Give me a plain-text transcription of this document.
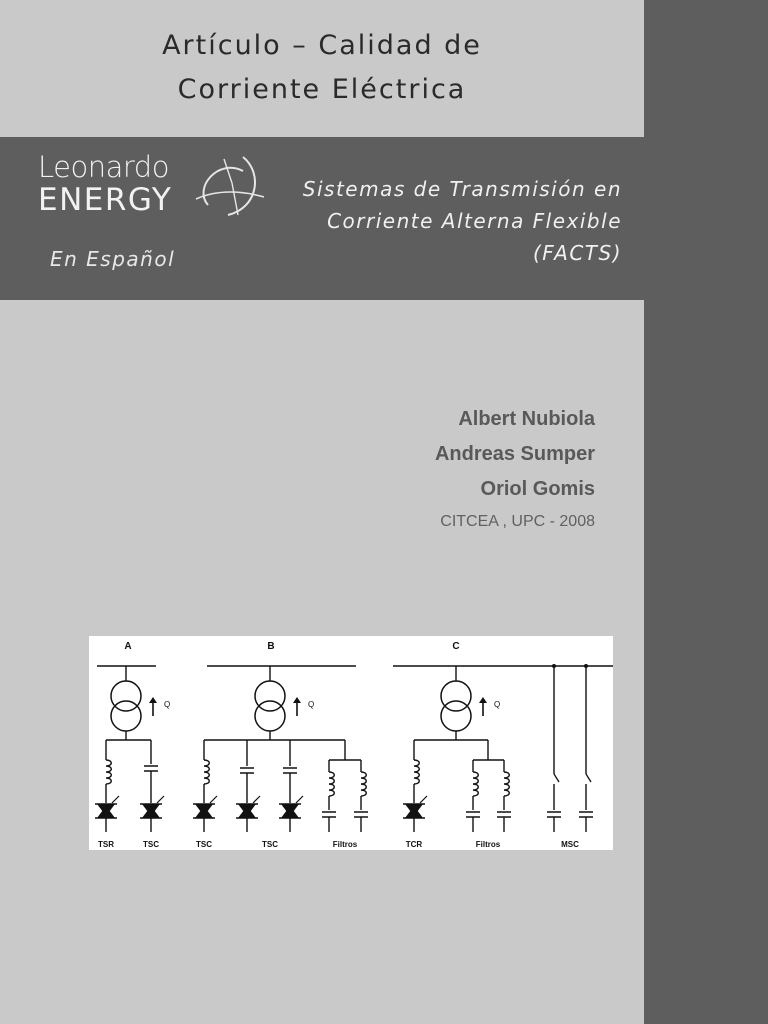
Artículo – Calidad de
Corriente Eléctrica
Leonardo
ENERGY
En Español
Sistemas de Transmisión en
Corriente Alterna Flexible
(FACTS)
Albert Nubiola
Andreas Sumper
Oriol Gomis
CITCEA , UPC - 2008
A	B	C
Q	Q	Q
TSR	TSC	TSC	TSC	Filtros	TCR	Filtros	MSC
